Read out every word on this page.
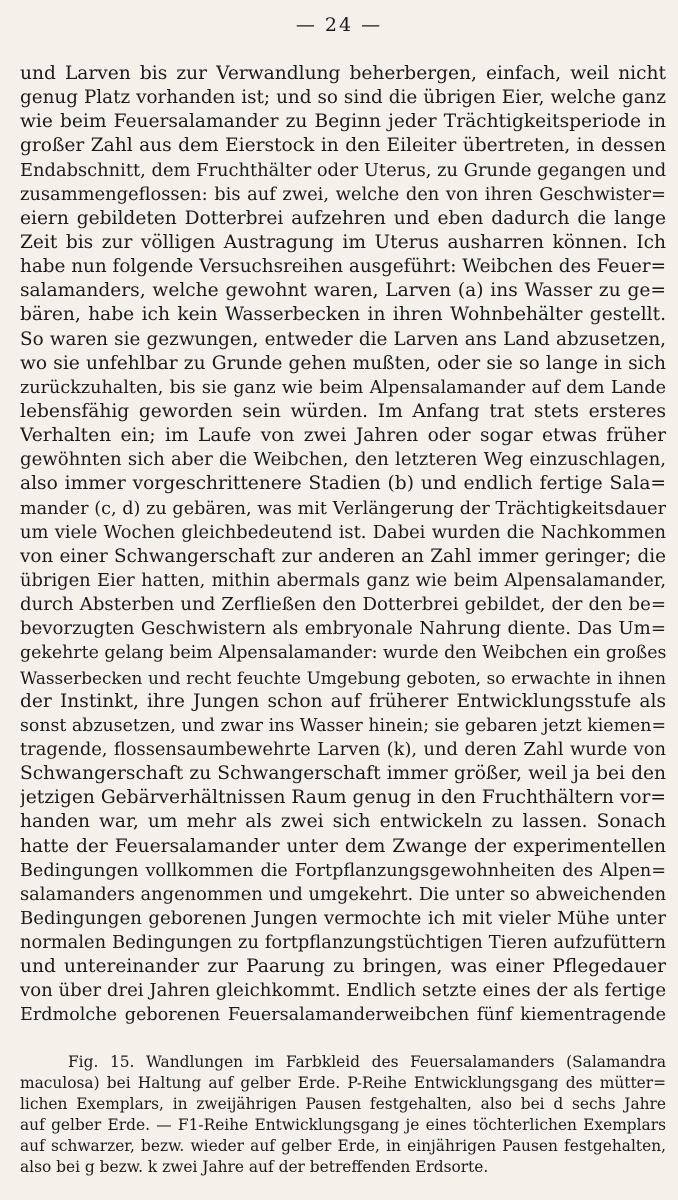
— 24 —
und Larven bis zur Verwandlung beherbergen, einfach, weil nicht
genug Platz vorhanden ist; und so sind die übrigen Eier, welche ganz
wie beim Feuersalamander zu Beginn jeder Trächtigkeitsperiode in
großer Zahl aus dem Eierstock in den Eileiter übertreten, in dessen
Endabschnitt, dem Fruchthälter oder Uterus, zu Grunde gegangen und
zusammengeflossen: bis auf zwei, welche den von ihren Geschwister=
eiern gebildeten Dotterbrei aufzehren und eben dadurch die lange
Zeit bis zur völligen Austragung im Uterus ausharren können. Ich
habe nun folgende Versuchsreihen ausgeführt: Weibchen des Feuer=
salamanders, welche gewohnt waren, Larven (a) ins Wasser zu ge=
bären, habe ich kein Wasserbecken in ihren Wohnbehälter gestellt.
So waren sie gezwungen, entweder die Larven ans Land abzusetzen,
wo sie unfehlbar zu Grunde gehen mußten, oder sie so lange in sich
zurückzuhalten, bis sie ganz wie beim Alpensalamander auf dem Lande
lebensfähig geworden sein würden. Im Anfang trat stets ersteres
Verhalten ein; im Laufe von zwei Jahren oder sogar etwas früher
gewöhnten sich aber die Weibchen, den letzteren Weg einzuschlagen,
also immer vorgeschrittenere Stadien (b) und endlich fertige Sala=
mander (c, d) zu gebären, was mit Verlängerung der Trächtigkeitsdauer
um viele Wochen gleichbedeutend ist. Dabei wurden die Nachkommen
von einer Schwangerschaft zur anderen an Zahl immer geringer; die
übrigen Eier hatten, mithin abermals ganz wie beim Alpensalamander,
durch Absterben und Zerfließen den Dotterbrei gebildet, der den be=
bevorzugten Geschwistern als embryonale Nahrung diente. Das Um=
gekehrte gelang beim Alpensalamander: wurde den Weibchen ein großes
Wasserbecken und recht feuchte Umgebung geboten, so erwachte in ihnen
der Instinkt, ihre Jungen schon auf früherer Entwicklungsstufe als
sonst abzusetzen, und zwar ins Wasser hinein; sie gebaren jetzt kiemen=
tragende, flossensaumbewehrte Larven (k), und deren Zahl wurde von
Schwangerschaft zu Schwangerschaft immer größer, weil ja bei den
jetzigen Gebärverhältnissen Raum genug in den Fruchthältern vor=
handen war, um mehr als zwei sich entwickeln zu lassen. Sonach
hatte der Feuersalamander unter dem Zwange der experimentellen
Bedingungen vollkommen die Fortpflanzungsgewohnheiten des Alpen=
salamanders angenommen und umgekehrt. Die unter so abweichenden
Bedingungen geborenen Jungen vermochte ich mit vieler Mühe unter
normalen Bedingungen zu fortpflanzungstüchtigen Tieren aufzufüttern
und untereinander zur Paarung zu bringen, was einer Pflegedauer
von über drei Jahren gleichkommt. Endlich setzte eines der als fertige
Erdmolche geborenen Feuersalamanderweibchen fünf kiementragende
Fig. 15. Wandlungen im Farbkleid des Feuersalamanders (Salamandra
maculosa) bei Haltung auf gelber Erde. P-Reihe Entwicklungsgang des mütter=
lichen Exemplars, in zweijährigen Pausen festgehalten, also bei d sechs Jahre
auf gelber Erde. — F1-Reihe Entwicklungsgang je eines töchterlichen Exemplars
auf schwarzer, bezw. wieder auf gelber Erde, in einjährigen Pausen festgehalten,
also bei g bezw. k zwei Jahre auf der betreffenden Erdsorte.
